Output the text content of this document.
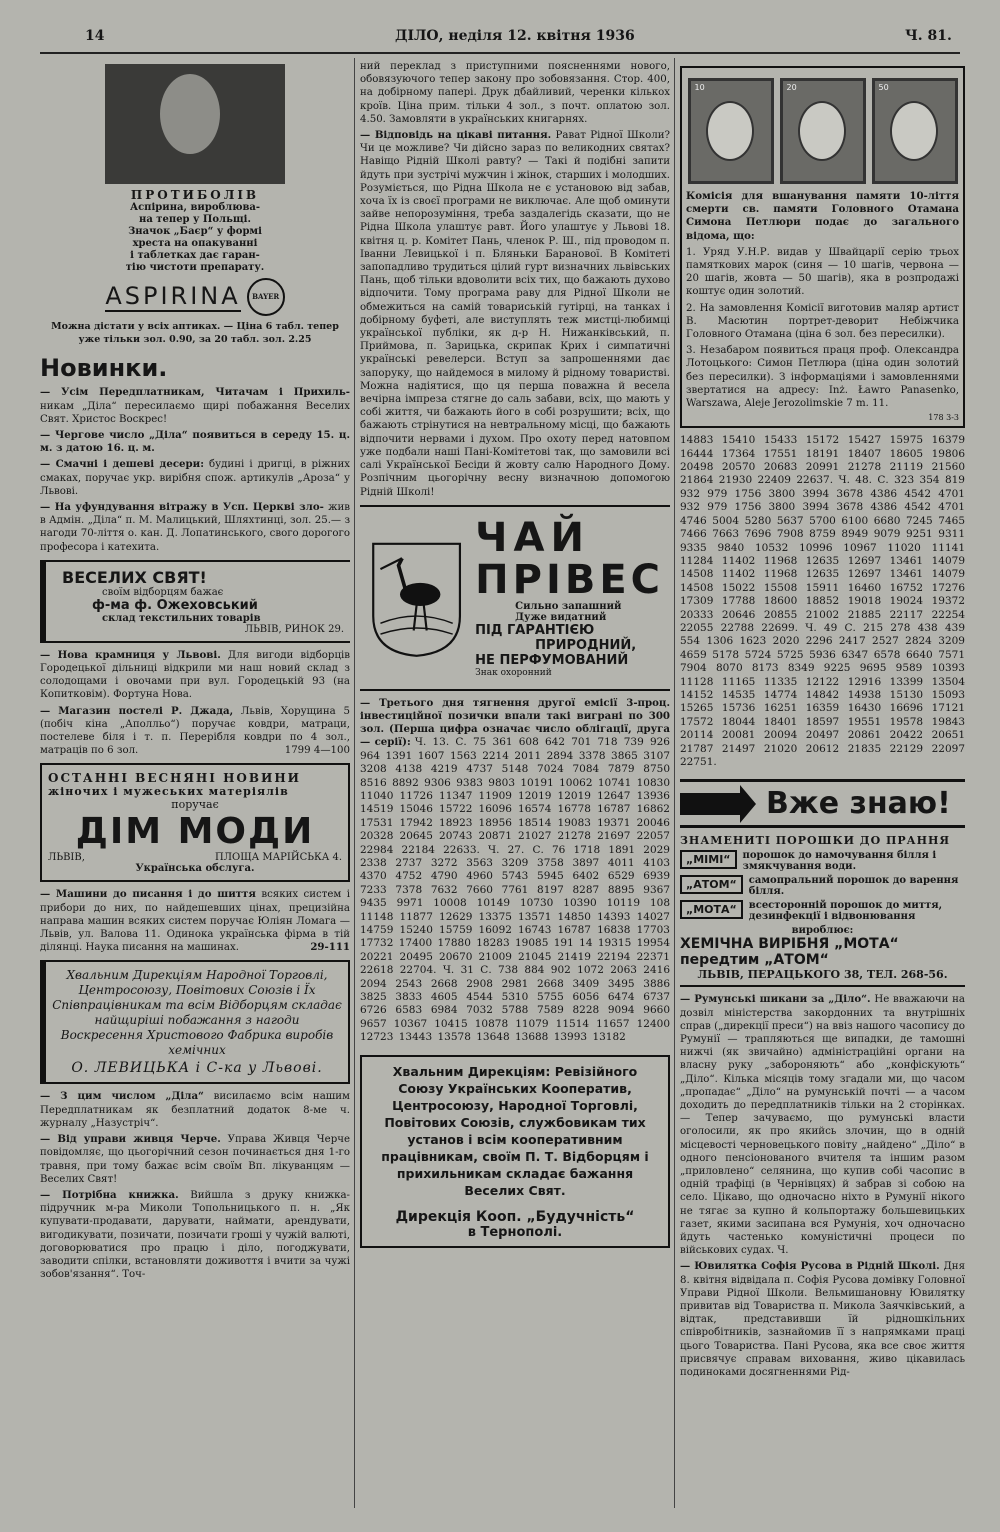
14	ДІЛО, неділя 12. квітня 1936	Ч. 81.
ПРОТИБОЛІВ
Аспірина, вироблюва-
на тепер у Польщі.
Значок „Баєр“ у формі
хреста на опакуванні
і таблетках дає гаран-
тію чистоти препарату.
ASPIRINA	BAYER

Можна дістати у всіх аптиках. — Ціна 6 табл. тепер уже тільки зол. 0.90, за 20 табл. зол. 2.25

Новинки.

— Усім Передплатникам, Читачам і Прихиль- никам „Діла“ пересилаємо щирі побажання Веселих Свят. Христос Воскрес!

— Чергове число „Діла“ появиться в середу 15. ц. м. з датою 16. ц. м.

— Смачні і дешеві десери: будині і дригці, в ріжних смаках, поручає укр. вирібня спож. артикулів „Ароза“ у Львові.

— На уфундування вітражу в Усп. Церкві зло- жив в Адмін. „Діла“ п. М. Малицький, Шляхтинці, зол. 25.— з нагоди 70-ліття о. кан. Д. Лопатинського, свого дорогого професора і катехита.

ВЕСЕЛИХ СВЯТ!
своїм відборцям бажає
ф-ма ф. Ожеховський
склад текстильних товарів
ЛЬВІВ, РИНОК 29.

— Нова крамниця у Львові. Для вигоди відборців Городецької дільниці відкрили ми наш новий склад з солодощами і овочами при вул. Городецькій 93 (на Копитковім). Фортуна Нова.

— Магазин постелі Р. Джада, Львів, Хорущина 5 (побіч кіна „Аполльо“) поручає ковдри, матраци, постелеве біля і т. п. Перерібля ковдри по 4 зол., матраців по 6 зол.	1799 4—100

ОСТАННІ ВЕСНЯНІ НОВИНИ
жіночих і мужеських матеріялів
поручає
ДІМ МОДИ
ЛЬВІВ,	ПЛОЩА МАРІЙСЬКА 4.
Українська обслуга.

— Машини до писання і до шиття всяких систем і прибори до них, по найдешевших цінах, прецизійна направа машин всяких систем поручає Юліян Ломага — Львів, ул. Валова 11. Одинока українська фірма в тій ділянці. Наука писання на машинах.	29-111

Хвальним Дирекціям Народної Торговлі, Центросоюзу, Повітових Союзів і Їх Співпрацівникам та всім Відборцям складає найщиріші побажання з нагоди Воскресення Христового Фабрика виробів хемічних
О. ЛЕВИЦЬКА і С-ка у Львові.

— З цим числом „Діла“ висилаємо всім нашим Передплатникам як безплатний додаток 8-ме ч. журналу „Назустріч“.

— Від управи живця Черче. Управа Живця Черче повідомляє, що цьогорічний сезон починається дня 1-го травня, при тому бажає всім своїм Вп. лікуванцям — Веселих Свят!

— Потрібна книжка. Вийшла з друку книжка-підручник м-ра Миколи Топольницького п. н. „Як купувати-продавати, дарувати, наймати, арендувати, вигодикувати, позичати, позичати гроші у чужій валюті, договорюватися про працю і діло, погоджувати, заводити спілки, встановляти доживоття і вчити за чужі зобов'язання“. Точ-

ний переклад з приступними поясненнями нового, обовязуючого тепер закону про зобовязання. Стор. 400, на добірному папері. Друк дбайливий, черенки кількох кроїв. Ціна прим. тільки 4 зол., з почт. оплатою зол. 4.50. Замовляти в українських книгарнях.

— Відповідь на цікаві питання. Рават Рідної Школи? Чи це можливе? Чи дійсно зараз по великодних святах? Навіщо Рідній Школі равту? — Такі й подібні запити йдуть при зустрічі мужчин і жінок, старших і молодших. Розуміється, що Рідна Школа не є установою від забав, хоча їх із своєї програми не виключає. Але щоб оминути зайве непорозуміння, треба заздалегідь сказати, що не Рідна Школа улаштує равт. Його улаштує у Львові 18. квітня ц. р. Комітет Пань, членок Р. Ш., під проводом п. Іванни Левицької і п. Бляньки Баранової. В Комітеті запопадливо трудиться цілий гурт визначних львівських Пань, щоб тільки вдоволити всіх тих, що бажають духово відпочити. Тому програма раву для Рідної Школи не обмежиться на самій товариській гутірці, на танках і добірному буфеті, але виступлять теж мистці-любимці української публіки, як д-р Н. Нижанківський, п. Приймова, п. Зарицька, скрипак Крих і симпатичні українські ревелерси. Вступ за запрошеннями дає запоруку, що найдемося в милому й рідному товаристві. Можна надіятися, що ця перша поважна й весела вечірна імпреза стягне до саль забави, всіх, що мають у собі життя, чи бажають його в собі розрушити; всіх, що бажають стрінутися на невтральному місці, що бажають відпочити нервами і духом. Про охоту перед натовпом уже подбали наші Пані-Комітетові так, що замовили всі салі Української Бесіди й жовту салю Народного Дому. Розпічним цьогорічну весну визначною допомогою Рідній Школі!

ЧАЙ
ПРІВЕС
Сильно запашний
Дуже видатний
ПІД ГАРАНТІЄЮ
ПРИРОДНИЙ,
НЕ ПЕРФУМОВАНИЙ
Знак охоронний

— Третього дня тягнення другої емісії 3-проц. інвестиційної позички впали такі виграні по 300 зол. (Перша цифра означає число облігації, друга — серії): Ч. 13. С. 75 361 608 642 701 718 739 926 964 1391 1607 1563 2214 2011 2894 3378 3865 3107 3208 4138 4219 4737 5148 7024 7084 7879 8750 8516 8892 9306 9383 9803 10191 10062 10741 10830 11040 11726 11347 11909 12019 12019 12647 13936 14519 15046 15722 16096 16574 16778 16787 16862 17531 17942 18923 18956 18514 19083 19371 20046 20328 20645 20743 20871 21027 21278 21697 22057 22984 22184 22633. Ч. 27. С. 76 1718 1891 2029 2338 2737 3272 3563 3209 3758 3897 4011 4103 4370 4752 4790 4960 5743 5945 6402 6529 6939 7233 7378 7632 7660 7761 8197 8287 8895 9367 9435 9971 10008 10149 10730 10390 10119 108 11148 11877 12629 13375 13571 14850 14393 14027 14759 15240 15759 16092 16743 16787 16838 17703 17732 17400 17880 18283 19085 191 14 19315 19954 20221 20495 20670 21009 21045 21419 22194 22371 22618 22704. Ч. 31 С. 738 884 902 1072 2063 2416 2094 2543 2668 2908 2981 2668 3409 3495 3886 3825 3833 4605 4544 5310 5755 6056 6474 6737 6726 6583 6984 7032 5788 7589 8228 9094 9660 9657 10367 10415 10878 11079 11514 11657 12400 12723 13443 13578 13648 13688 13993 13182

Хвальним Дирекціям: Ревізійного Союзу Українських Кооператив, Центросоюзу, Народної Торговлі, Повітових Союзів, службовикам тих установ і всім кооперативним працівникам, своїм П. Т. Відборцям і прихильникам складає бажання Веселих Свят.
Дирекція Кооп. „Будучність“
в Тернополі.
10	20	50

Комісія для вшанування памяти 10-ліття смерти св. памяти Головного Отамана Симона Петлюри подає до загального відома, що:

1. Уряд У.Н.Р. видав у Швайцарії серію трьох памяткових марок (синя — 10 шагів, червона — 20 шагів, жовта — 50 шагів), яка в розпродажі коштує один золотий.

2. На замовлення Комісії виготовив маляр артист В. Масютин портрет-деворит Небіжчика Головного Отамана (ціна 6 зол. без пересилки).

3. Незабаром появиться праця проф. Олександра Лотоцького: Симон Петлюра (ціна один золотий без пересилки). З інформаціями і замовленнями звертатися на адресу: Inż. Ławro Panasenko, Warszawa, Aleje Jerozolimskie 7 m. 11.

178 3-3

14883 15410 15433 15172 15427 15975 16379 16444 17364 17551 18191 18407 18605 19806 20498 20570 20683 20991 21278 21119 21560 21864 21930 22409 22637. Ч. 48. С. 323 354 819 932 979 1756 3800 3994 3678 4386 4542 4701 932 979 1756 3800 3994 3678 4386 4542 4701 4746 5004 5280 5637 5700 6100 6680 7245 7465 7466 7663 7696 7908 8759 8949 9079 9251 9311 9335 9840 10532 10996 10967 11020 11141 11284 11402 11968 12635 12697 13461 14079 14508 11402 11968 12635 12697 13461 14079 14508 15022 15508 15911 16460 16752 17276 17309 17788 18600 18852 19018 19024 19372 20333 20646 20855 21002 21885 22117 22254 22055 22788 22699. Ч. 49 С. 215 278 438 439 554 1306 1623 2020 2296 2417 2527 2824 3209 4659 5178 5724 5725 5936 6347 6578 6640 7571 7904 8070 8173 8349 9225 9695 9589 10393 11128 11165 11335 12122 12916 13399 13504 14152 14535 14774 14842 14938 15130 15093 15265 15736 16251 16359 16430 16696 17121 17572 18044 18401 18597 19551 19578 19843 20114 20081 20094 20497 20861 20422 20651 21787 21497 21020 20612 21835 22129 22097 22751.

Вже знаю!
ЗНАМЕНИТІ ПОРОШКИ ДО ПРАННЯ
„МІМІ“	порошок до намочування білля і змякчування води.
„АТОМ“	самопральний порошок до варення білля.
„МОТА“	всесторонній порошок до миття, дезинфекції і відвонювання
вироблює:
ХЕМІЧНА ВИРІБНЯ „МОТА“ передтим „АТОМ“
ЛЬВІВ, ПЕРАЦЬКОГО 38, ТЕЛ. 268-56.

— Румунські шикани за „Діло“. Не вважаючи на дозвіл міністерства закордонних та внутрішніх справ („дирекції преси“) на ввіз нашого часопису до Румунії — трапляються ще випадки, де тамошні нижчі (як звичайно) адміністраційні органи на власну руку „забороняють“ або „конфіскують“ „Діло“. Кілька місяців тому згадали ми, що часом „пропадає“ „Діло“ на румунській почті — а часом доходить до передплатників тільки на 2 сторінках. — Тепер зачуваємо, що румунські власти оголосили, як про якийсь злочин, що в одній місцевості черновецького повіту „найдено“ „Діло“ в одного пенсіонованого вчителя та іншим разом „приловлено“ селянина, що купив собі часопис в одній трафіці (в Чернівцях) й забрав зі собою на село. Цікаво, що одночасно ніхто в Румунії нікого не тягає за купно й кольпортажу большевицьких газет, якими засипана вся Румунія, хоч одночасно йдуть частенько комуністичні процеси по військових судах. Ч.

— Ювилятка Софія Русова в Рідній Школі. Дня 8. квітня відвідала п. Софія Русова домівку Головної Управи Рідної Школи. Вельмишановну Ювилятку привитав від Товариства п. Микола Заячківський, а відтак, представивши їй рідношкільних співробітників, зазнайомив її з напрямками праці цього Товариства. Пані Русова, яка все своє життя присвячує справам виховання, живо цікавилась подиноками досягненнями Рід-
